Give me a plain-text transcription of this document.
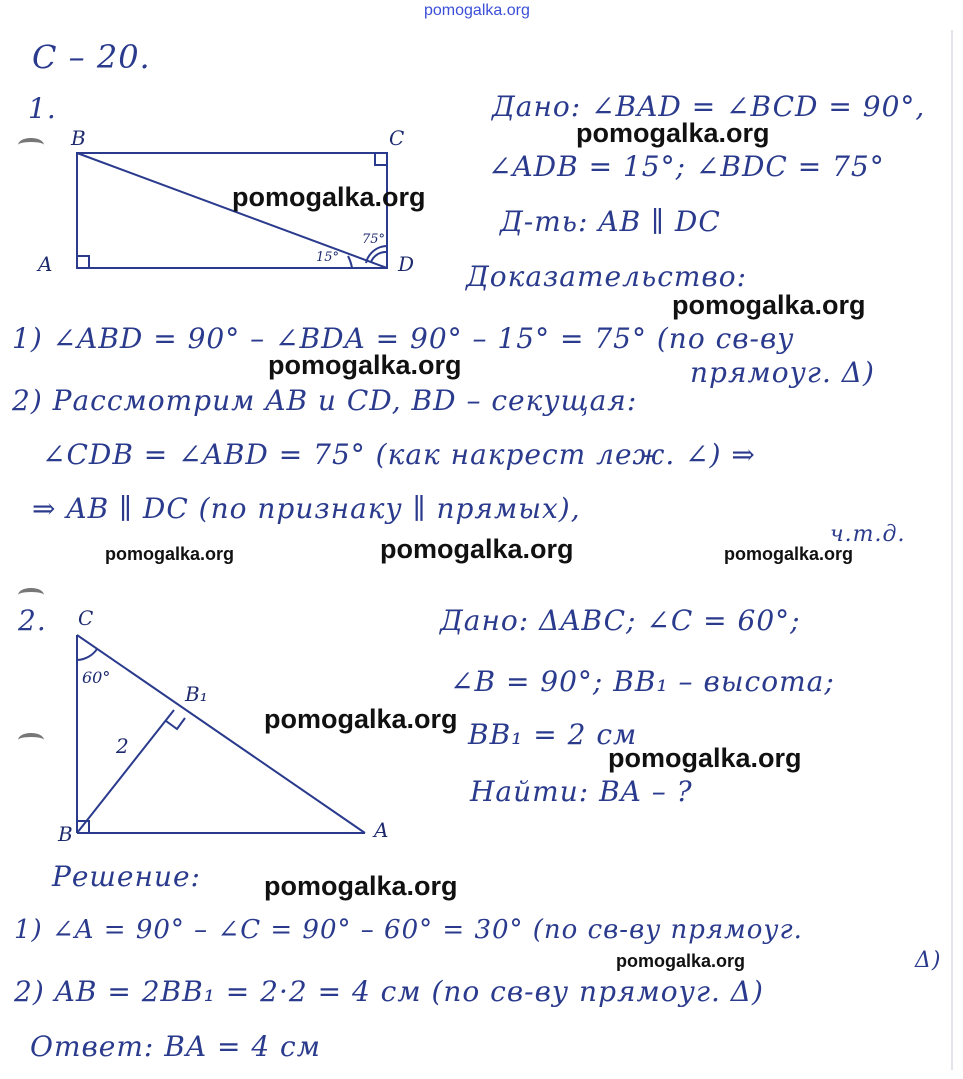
pomogalka.org
С – 20.
1.
B	C
A	D
15°
75°
Дано: ∠BAD = ∠BCD = 90°,
∠ADB = 15°; ∠BDC = 75°
Д-ть: AB ∥ DC
Доказательство:
1) ∠ABD = 90° – ∠BDA = 90° – 15° = 75° (по св-ву
прямоуг. Δ)
2) Рассмотрим AB и CD, BD – секущая:
∠CDB = ∠ABD = 75° (как накрест леж. ∠) ⇒
⇒ AB ∥ DC (по признаку ∥ прямых),
ч.т.д.
2. C
B₁
B	A
60°
2
Дано: ΔABC; ∠C = 60°;
∠B = 90°; BB₁ – высота;
BB₁ = 2 см
Найти: BA – ?
Решение:
1) ∠A = 90° – ∠C = 90° – 60° = 30° (по св-ву прямоуг.
Δ)
2) AB = 2BB₁ = 2·2 = 4 см (по св-ву прямоуг. Δ)
Ответ: BA = 4 см
pomogalka.org
pomogalka.org
pomogalka.org
pomogalka.org
pomogalka.org	pomogalka.org	pomogalka.org
pomogalka.org
pomogalka.org
pomogalka.org
pomogalka.org
